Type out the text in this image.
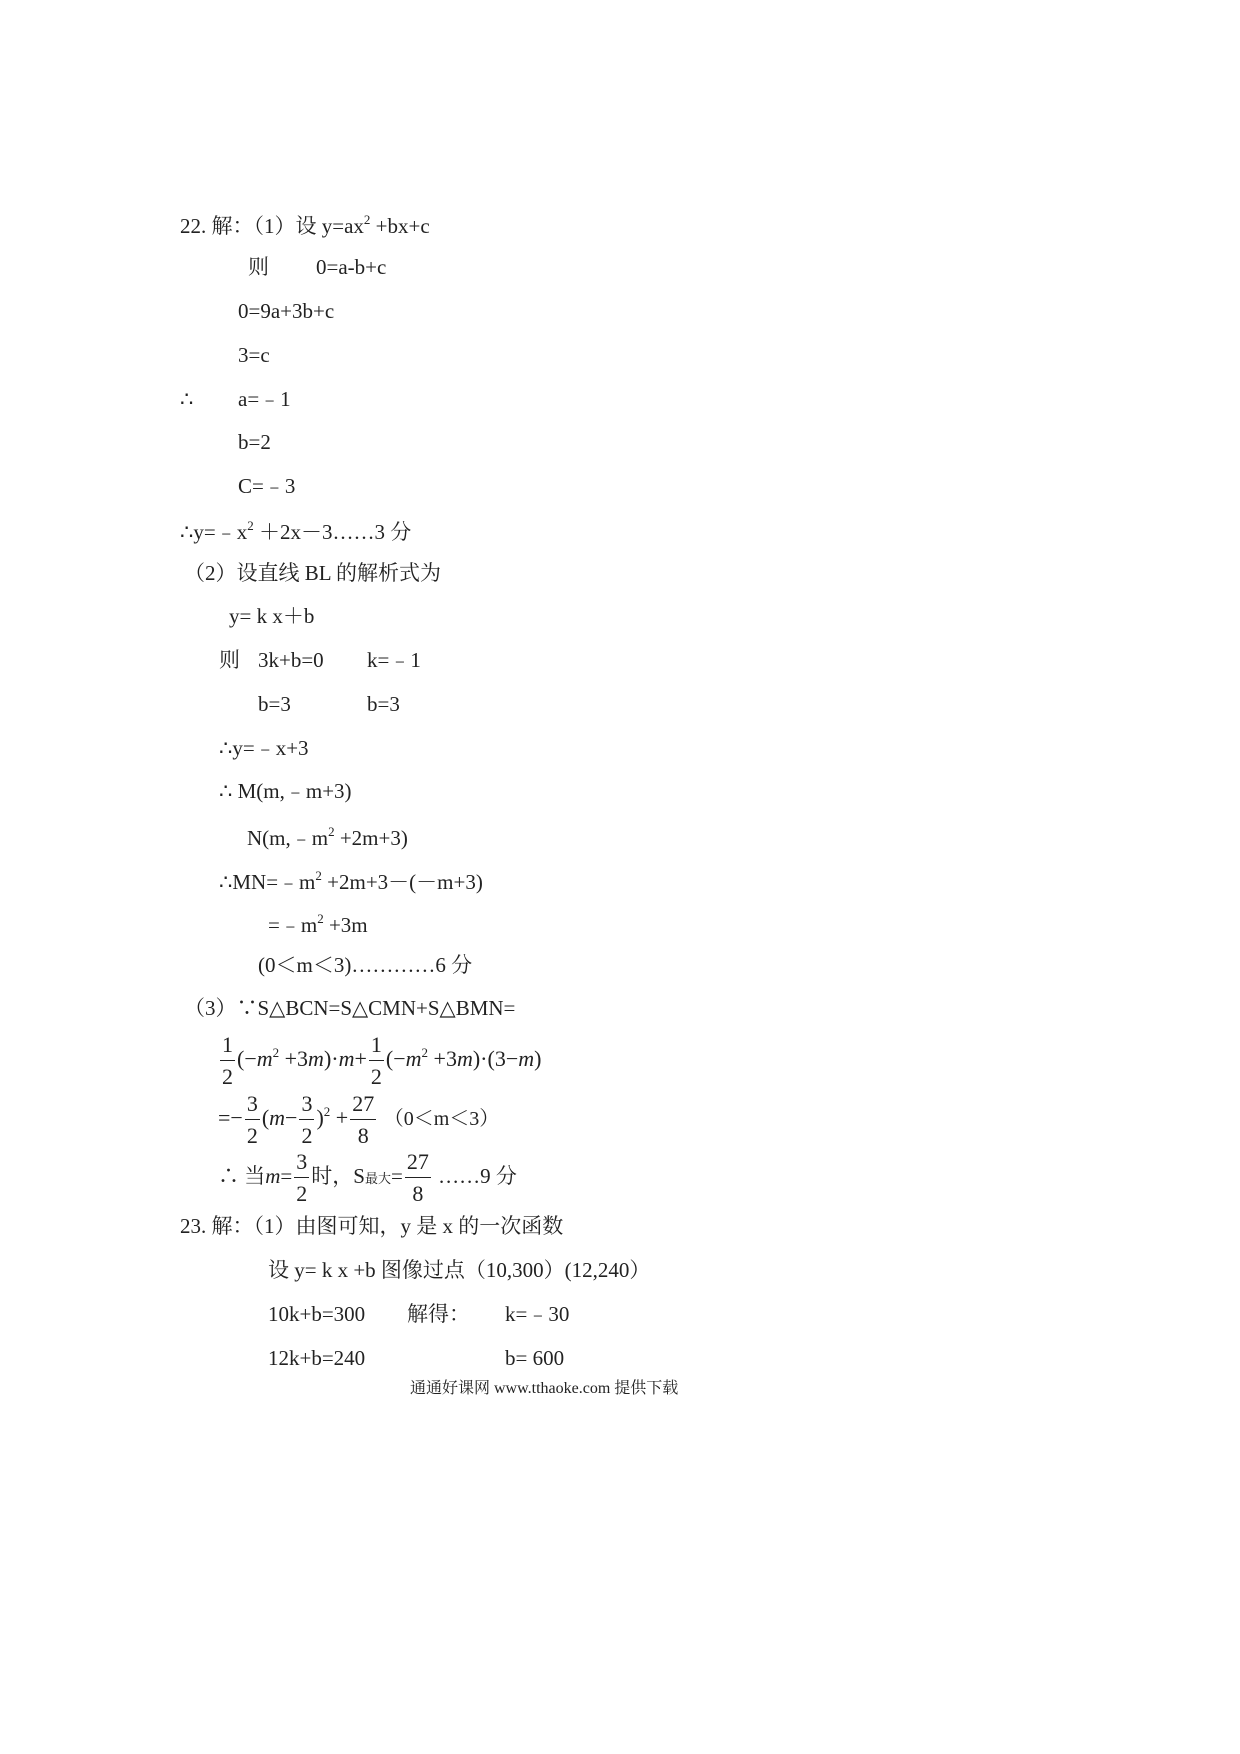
22. 解：（1）设 $y=ax^2 +bx+c$
则 0=a-b+c
0=9a+3b+c
3=c
∴ a=﹣1
b=2
C=﹣3
$\therefore y=﹣x^2$ ＋2x－3……3 分
（2）设直线 BL 的解析式为
y= k x＋b
则 3k+b=0 k=﹣1
b=3	b=3
∴y=﹣x+3
∴ M(m,﹣m+3)
$N(m,﹣m^2 +2m+3)$
$\therefore MN=﹣m^2 +2m+3-(-m+3)$
$=﹣m^2 +3m$
(0＜m＜3)…………6 分
（3）∵S△BCN=S△CMN+S△BMN=
$\frac{1}{2} (-m^2 +3m)\cdot m+ \frac{1}{2} (-m^2 +3m)\cdot(3-m)$
=− $\frac{3}{2} (m- \frac{3}{2} )^2 + \frac{27}{8} (0<m<3)$
∴ 当$m= \frac{3}{2}$ 时，S最大= $\frac{27}{8}$ ……9 分
23. 解：（1）由图可知，y 是 x 的一次函数
设 y= k x +b 图像过点（10,300）(12,240）
10k+b=300 解得： k=﹣30
12k+b=240	b= 600
通通好课网 www.tthaoke.com 提供下载
